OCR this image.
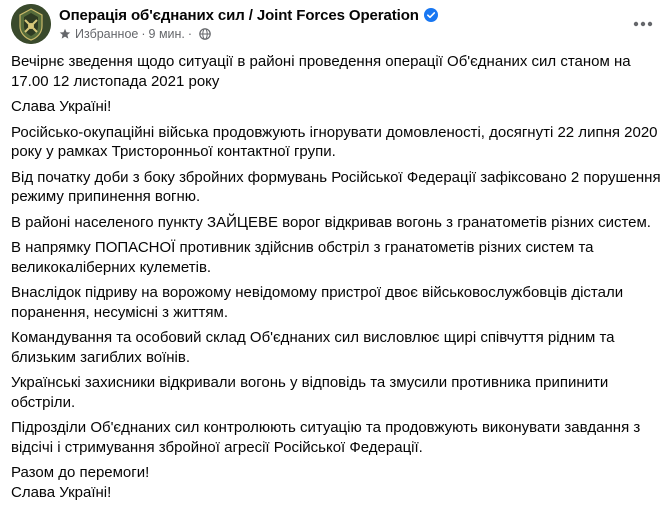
Операція об'єднаних сил / Joint Forces Operation
Избранное · 9 мин. ·

Вечірнє зведення щодо ситуації в районі проведення операції Об'єднаних сил станом на
17.00 12 листопада 2021 року

Слава Україні!

Російсько-окупаційні війська продовжують ігнорувати домовленості, досягнуті 22 липня 2020
року у рамках Тристоронньої контактної групи.

Від початку доби з боку збройних формувань Російської Федерації зафіксовано 2 порушення
режиму припинення вогню.

В районі населеного пункту ЗАЙЦЕВЕ ворог відкривав вогонь з гранатометів різних систем.

В напрямку ПОПАСНОЇ противник здійснив обстріл з гранатометів різних систем та
великокаліберних кулеметів.

Внаслідок підриву на ворожому невідомому пристрої двоє військовослужбовців дістали
поранення, несумісні з життям.

Командування та особовий склад Об'єднаних сил висловлює щирі співчуття рідним та
близьким загиблих воїнів.

Українські захисники відкривали вогонь у відповідь та змусили противника припинити
обстріли.

Підрозділи Об'єднаних сил контролюють ситуацію та продовжують виконувати завдання з
відсічі і стримування збройної агресії Російської Федерації.

Разом до перемоги!
Слава Україні!
